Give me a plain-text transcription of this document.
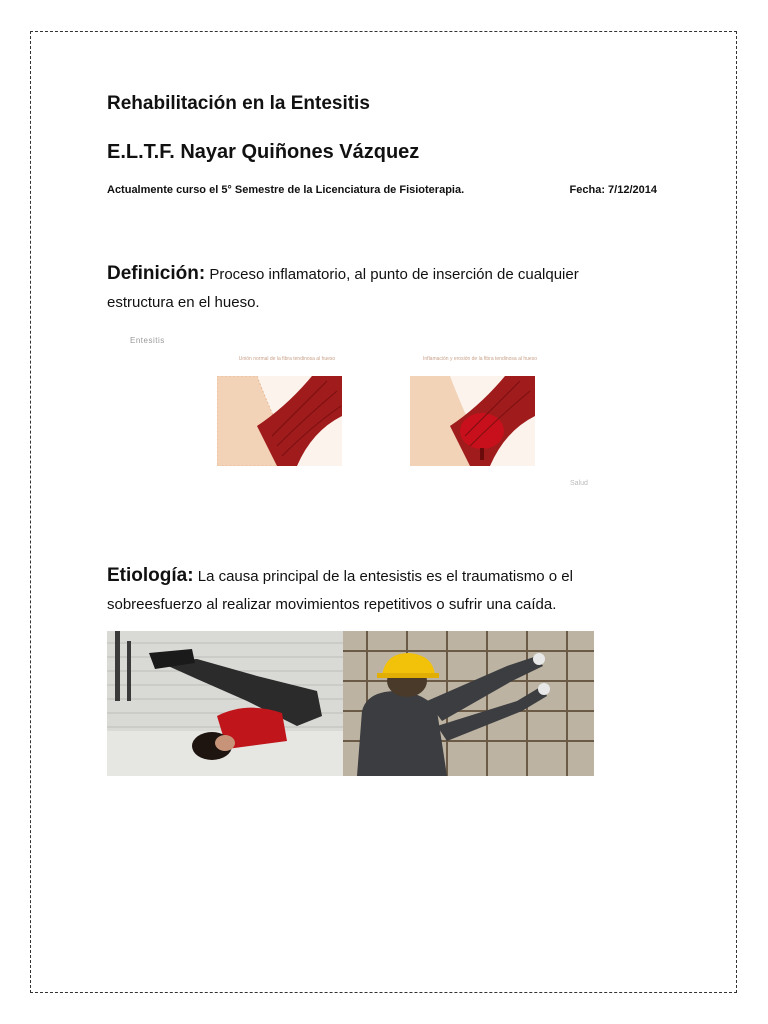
Rehabilitación en la Entesitis
E.L.T.F. Nayar Quiñones Vázquez
Actualmente curso el 5° Semestre de la Licenciatura de Fisioterapia.	Fecha: 7/12/2014
Definición: Proceso inflamatorio, al punto de inserción de cualquier estructura en el hueso.
Entesitis
Unión normal de la fibra tendinosa al hueso	Inflamación y erosión de la fibra tendinosa al hueso
Salud
Etiología: La causa principal de la entesistis es el traumatismo o el sobreesfuerzo al realizar movimientos repetitivos o sufrir una caída.
